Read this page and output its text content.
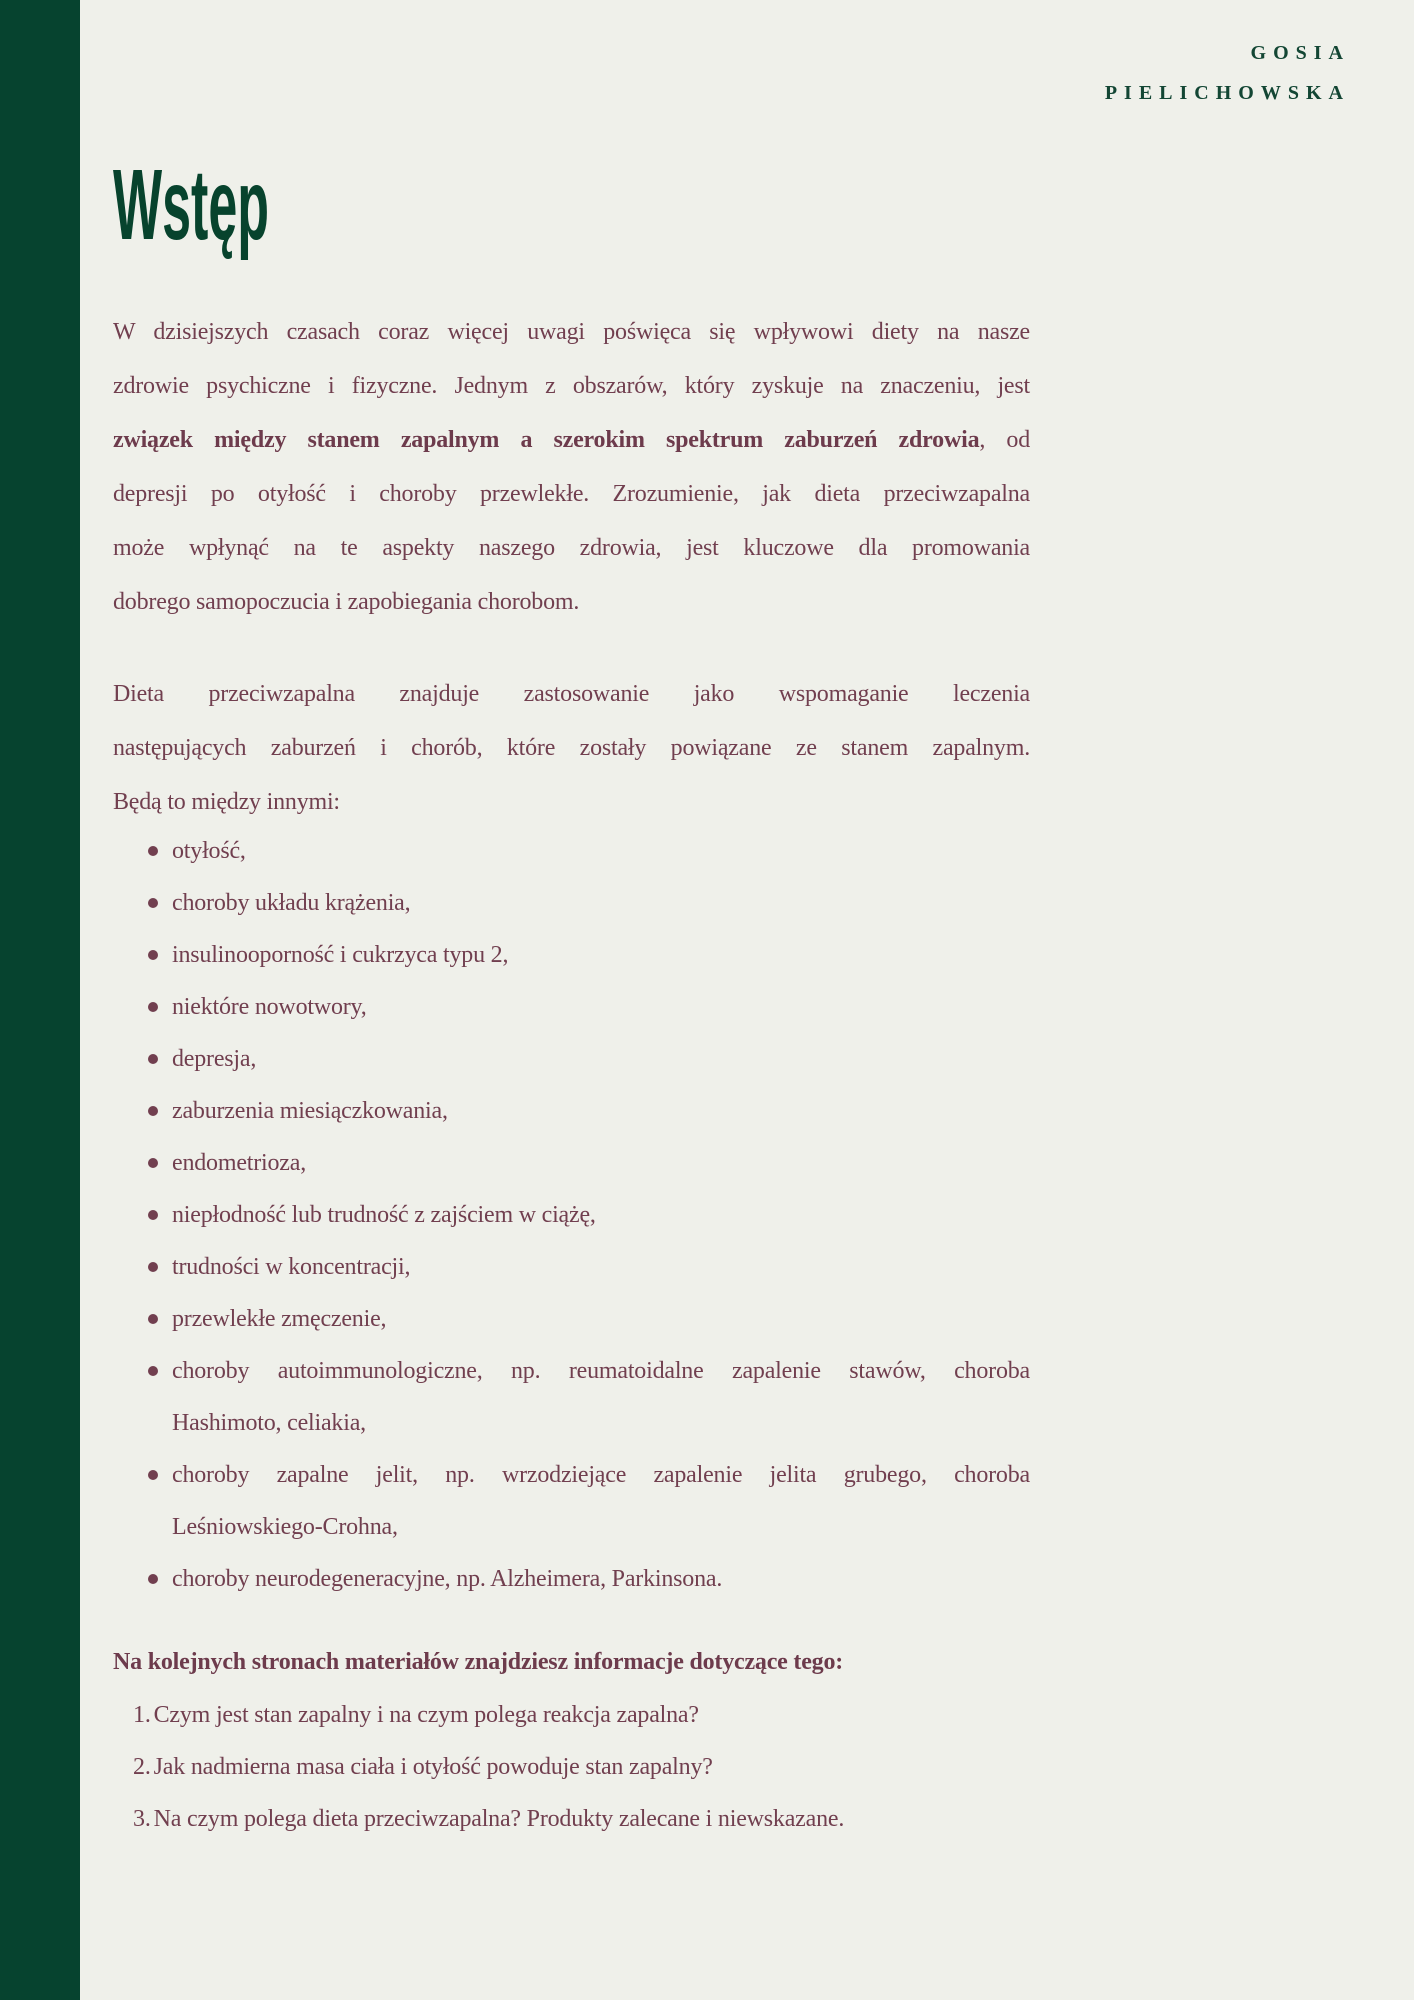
GOSIA
PIELICHOWSKA
Wstęp
W dzisiejszych czasach coraz więcej uwagi poświęca się wpływowi diety na nasze
zdrowie psychiczne i fizyczne. Jednym z obszarów, który zyskuje na znaczeniu, jest
związek między stanem zapalnym a szerokim spektrum zaburzeń zdrowia, od
depresji po otyłość i choroby przewlekłe. Zrozumienie, jak dieta przeciwzapalna
może wpłynąć na te aspekty naszego zdrowia, jest kluczowe dla promowania
dobrego samopoczucia i zapobiegania chorobom.
Dieta przeciwzapalna znajduje zastosowanie jako wspomaganie leczenia
następujących zaburzeń i chorób, które zostały powiązane ze stanem zapalnym.
Będą to między innymi:
otyłość,
choroby układu krążenia,
insulinooporność i cukrzyca typu 2,
niektóre nowotwory,
depresja,
zaburzenia miesiączkowania,
endometrioza,
niepłodność lub trudność z zajściem w ciążę,
trudności w koncentracji,
przewlekłe zmęczenie,
choroby autoimmunologiczne, np. reumatoidalne zapalenie stawów, choroba
Hashimoto, celiakia,
choroby zapalne jelit, np. wrzodziejące zapalenie jelita grubego, choroba
Leśniowskiego-Crohna,
choroby neurodegeneracyjne, np. Alzheimera, Parkinsona.
Na kolejnych stronach materiałów znajdziesz informacje dotyczące tego:
Czym jest stan zapalny i na czym polega reakcja zapalna?
Jak nadmierna masa ciała i otyłość powoduje stan zapalny?
Na czym polega dieta przeciwzapalna? Produkty zalecane i niewskazane.
